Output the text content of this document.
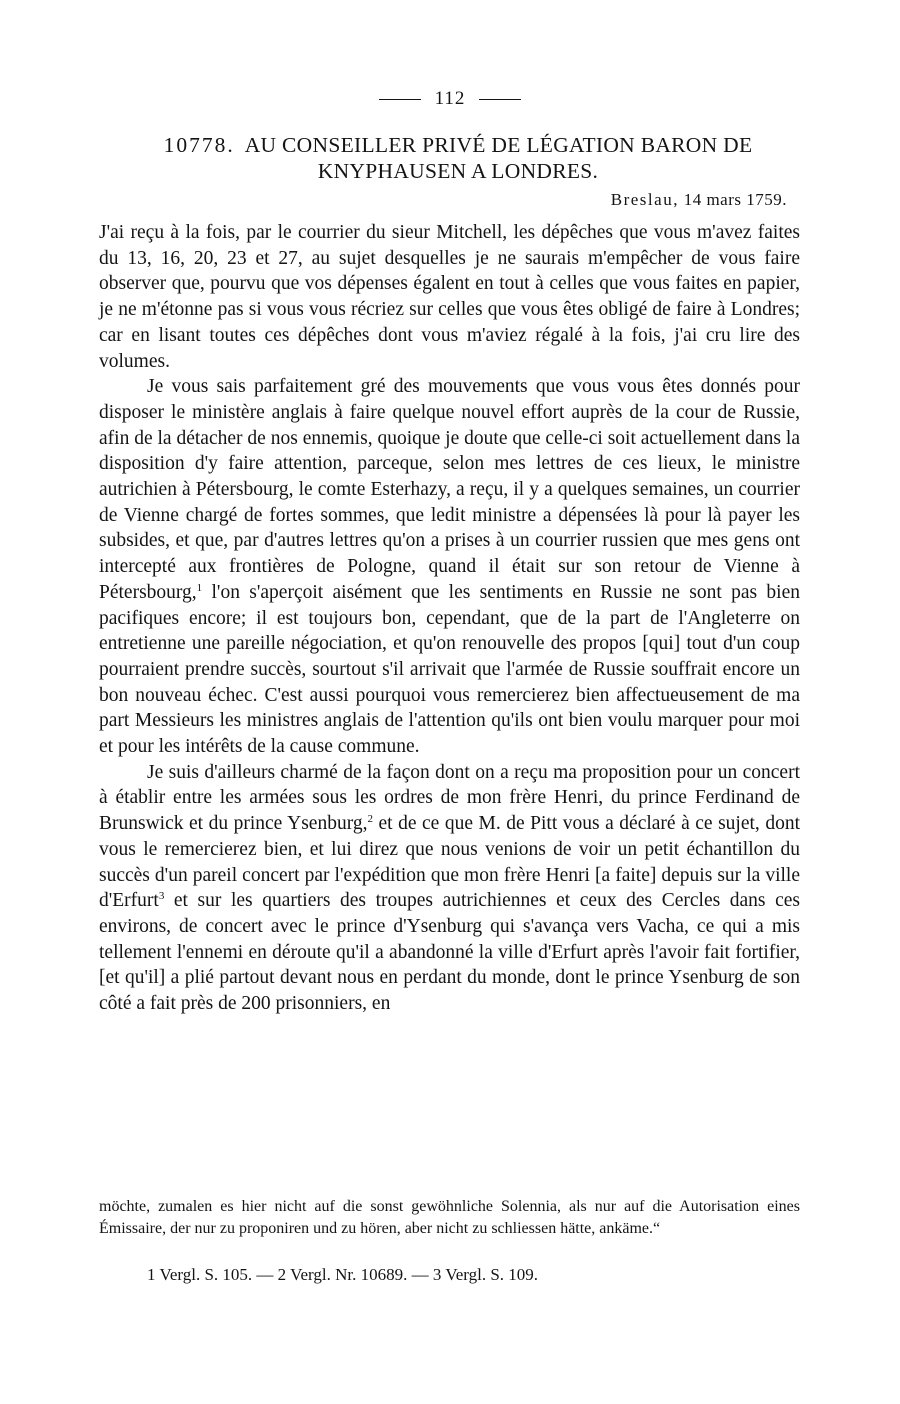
112
10778. AU CONSEILLER PRIVÉ DE LÉGATION BARON DE
KNYPHAUSEN A LONDRES.
Breslau, 14 mars 1759.

J'ai reçu à la fois, par le courrier du sieur Mitchell, les dépêches que vous m'avez faites du 13, 16, 20, 23 et 27, au sujet desquelles je ne saurais m'empêcher de vous faire observer que, pourvu que vos dépenses égalent en tout à celles que vous faites en papier, je ne m'étonne pas si vous vous récriez sur celles que vous êtes obligé de faire à Londres; car en lisant toutes ces dépêches dont vous m'aviez régalé à la fois, j'ai cru lire des volumes.

Je vous sais parfaitement gré des mouvements que vous vous êtes donnés pour disposer le ministère anglais à faire quelque nouvel effort auprès de la cour de Russie, afin de la détacher de nos ennemis, quoique je doute que celle-ci soit actuellement dans la disposition d'y faire attention, parceque, selon mes lettres de ces lieux, le ministre autrichien à Pétersbourg, le comte Esterhazy, a reçu, il y a quelques semaines, un courrier de Vienne chargé de fortes sommes, que ledit ministre a dépensées là pour là payer les subsides, et que, par d'autres lettres qu'on a prises à un courrier russien que mes gens ont intercepté aux frontières de Pologne, quand il était sur son retour de Vienne à Pétersbourg,$^1$ l'on s'aperçoit aisément que les sentiments en Russie ne sont pas bien pacifiques encore; il est toujours bon, cependant, que de la part de l'Angleterre on entretienne une pareille négociation, et qu'on renouvelle des propos [qui] tout d'un coup pourraient prendre succès, sourtout s'il arrivait que l'armée de Russie souffrait encore un bon nouveau échec. C'est aussi pourquoi vous remercierez bien affectueusement de ma part Messieurs les ministres anglais de l'attention qu'ils ont bien voulu marquer pour moi et pour les intérêts de la cause commune.

Je suis d'ailleurs charmé de la façon dont on a reçu ma proposition pour un concert à établir entre les armées sous les ordres de mon frère Henri, du prince Ferdinand de Brunswick et du prince Ysenburg,$^2$ et de ce que M. de Pitt vous a déclaré à ce sujet, dont vous le remercierez bien, et lui direz que nous venions de voir un petit échantillon du succès d'un pareil concert par l'expédition que mon frère Henri [a faite] depuis sur la ville d'Erfurt$^3$ et sur les quartiers des troupes autrichiennes et ceux des Cercles dans ces environs, de concert avec le prince d'Ysenburg qui s'avança vers Vacha, ce qui a mis tellement l'ennemi en déroute qu'il a abandonné la ville d'Erfurt après l'avoir fait fortifier, [et qu'il] a plié partout devant nous en perdant du monde, dont le prince Ysenburg de son côté a fait près de 200 prisonniers, en

möchte, zumalen es hier nicht auf die sonst gewöhnliche Solennia, als nur auf die Autorisation eines Émissaire, der nur zu proponiren und zu hören, aber nicht zu schliessen hätte, ankäme.“

1 Vergl. S. 105. — 2 Vergl. Nr. 10689. — 3 Vergl. S. 109.
